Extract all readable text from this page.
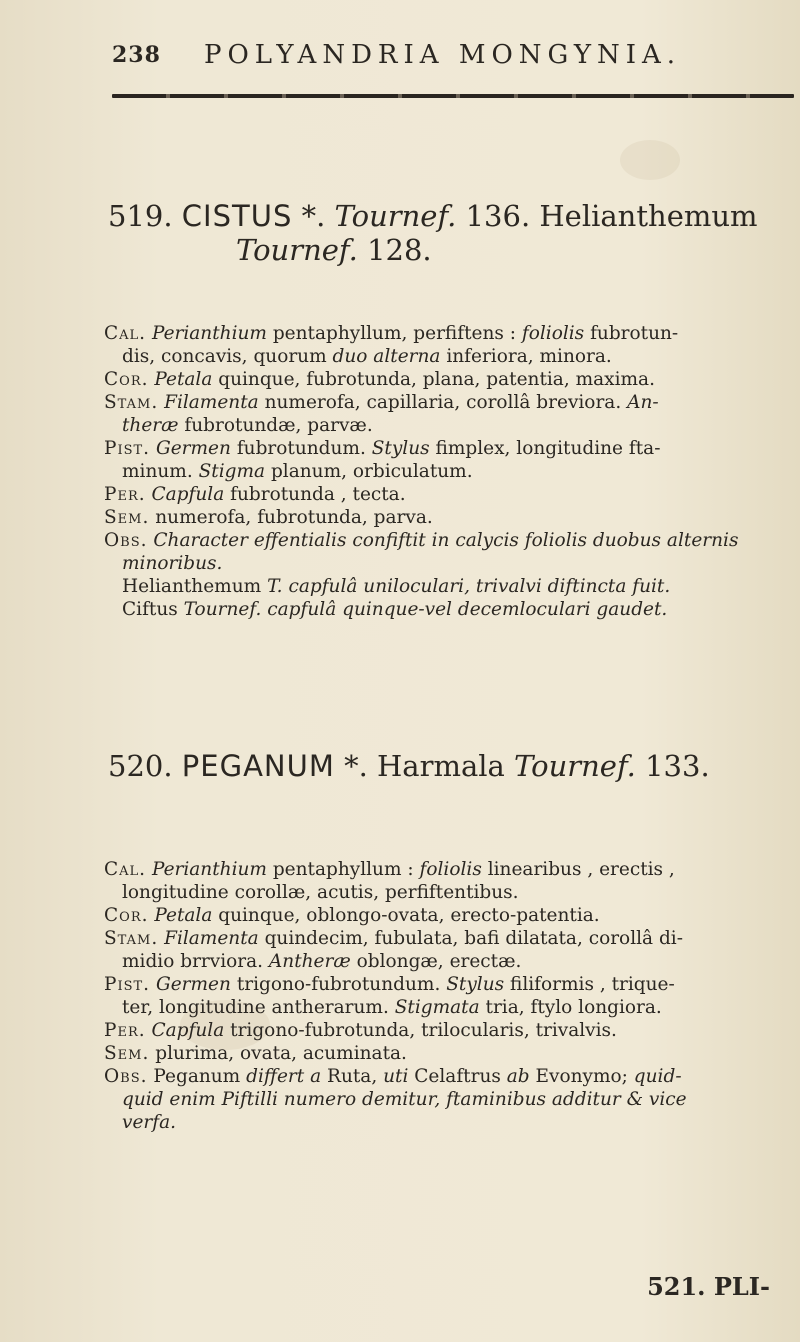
238 POLYANDRIA MONGYNIA.
519. CISTUS *. Tournef. 136. Helianthemum
Tournef. 128.
Cal. Perianthium pentaphyllum, perfiftens : foliolis fubrotun-
dis, concavis, quorum duo alterna inferiora, minora.
Cor. Petala quinque, fubrotunda, plana, patentia, maxima.
Stam. Filamenta numerofa, capillaria, corollâ breviora. An-
theræ fubrotundæ, parvæ.
Pist. Germen fubrotundum. Stylus fimplex, longitudine fta-
minum. Stigma planum, orbiculatum.
Per. Capfula fubrotunda , tecta.
Sem. numerofa, fubrotunda, parva.
Obs. Character effentialis confiftit in calycis foliolis duobus alternis
minoribus.
Helianthemum T. capfulâ uniloculari, trivalvi diftincta fuit.
Ciftus Tournef. capfulâ quinque-vel decemloculari gaudet.
520. PEGANUM *. Harmala Tournef. 133.
Cal. Perianthium pentaphyllum : foliolis linearibus , erectis ,
longitudine corollæ, acutis, perfiftentibus.
Cor. Petala quinque, oblongo-ovata, erecto-patentia.
Stam. Filamenta quindecim, fubulata, bafi dilatata, corollâ di-
midio brrviora. Antheræ oblongæ, erectæ.
Pist. Germen trigono-fubrotundum. Stylus filiformis , trique-
ter, longitudine antherarum. Stigmata tria, ftylo longiora.
Per. Capfula trigono-fubrotunda, trilocularis, trivalvis.
Sem. plurima, ovata, acuminata.
Obs. Peganum differt a Ruta, uti Celaftrus ab Evonymo; quid-
quid enim Piftilli numero demitur, ftaminibus additur & vice
verfa.
521. PLI-
